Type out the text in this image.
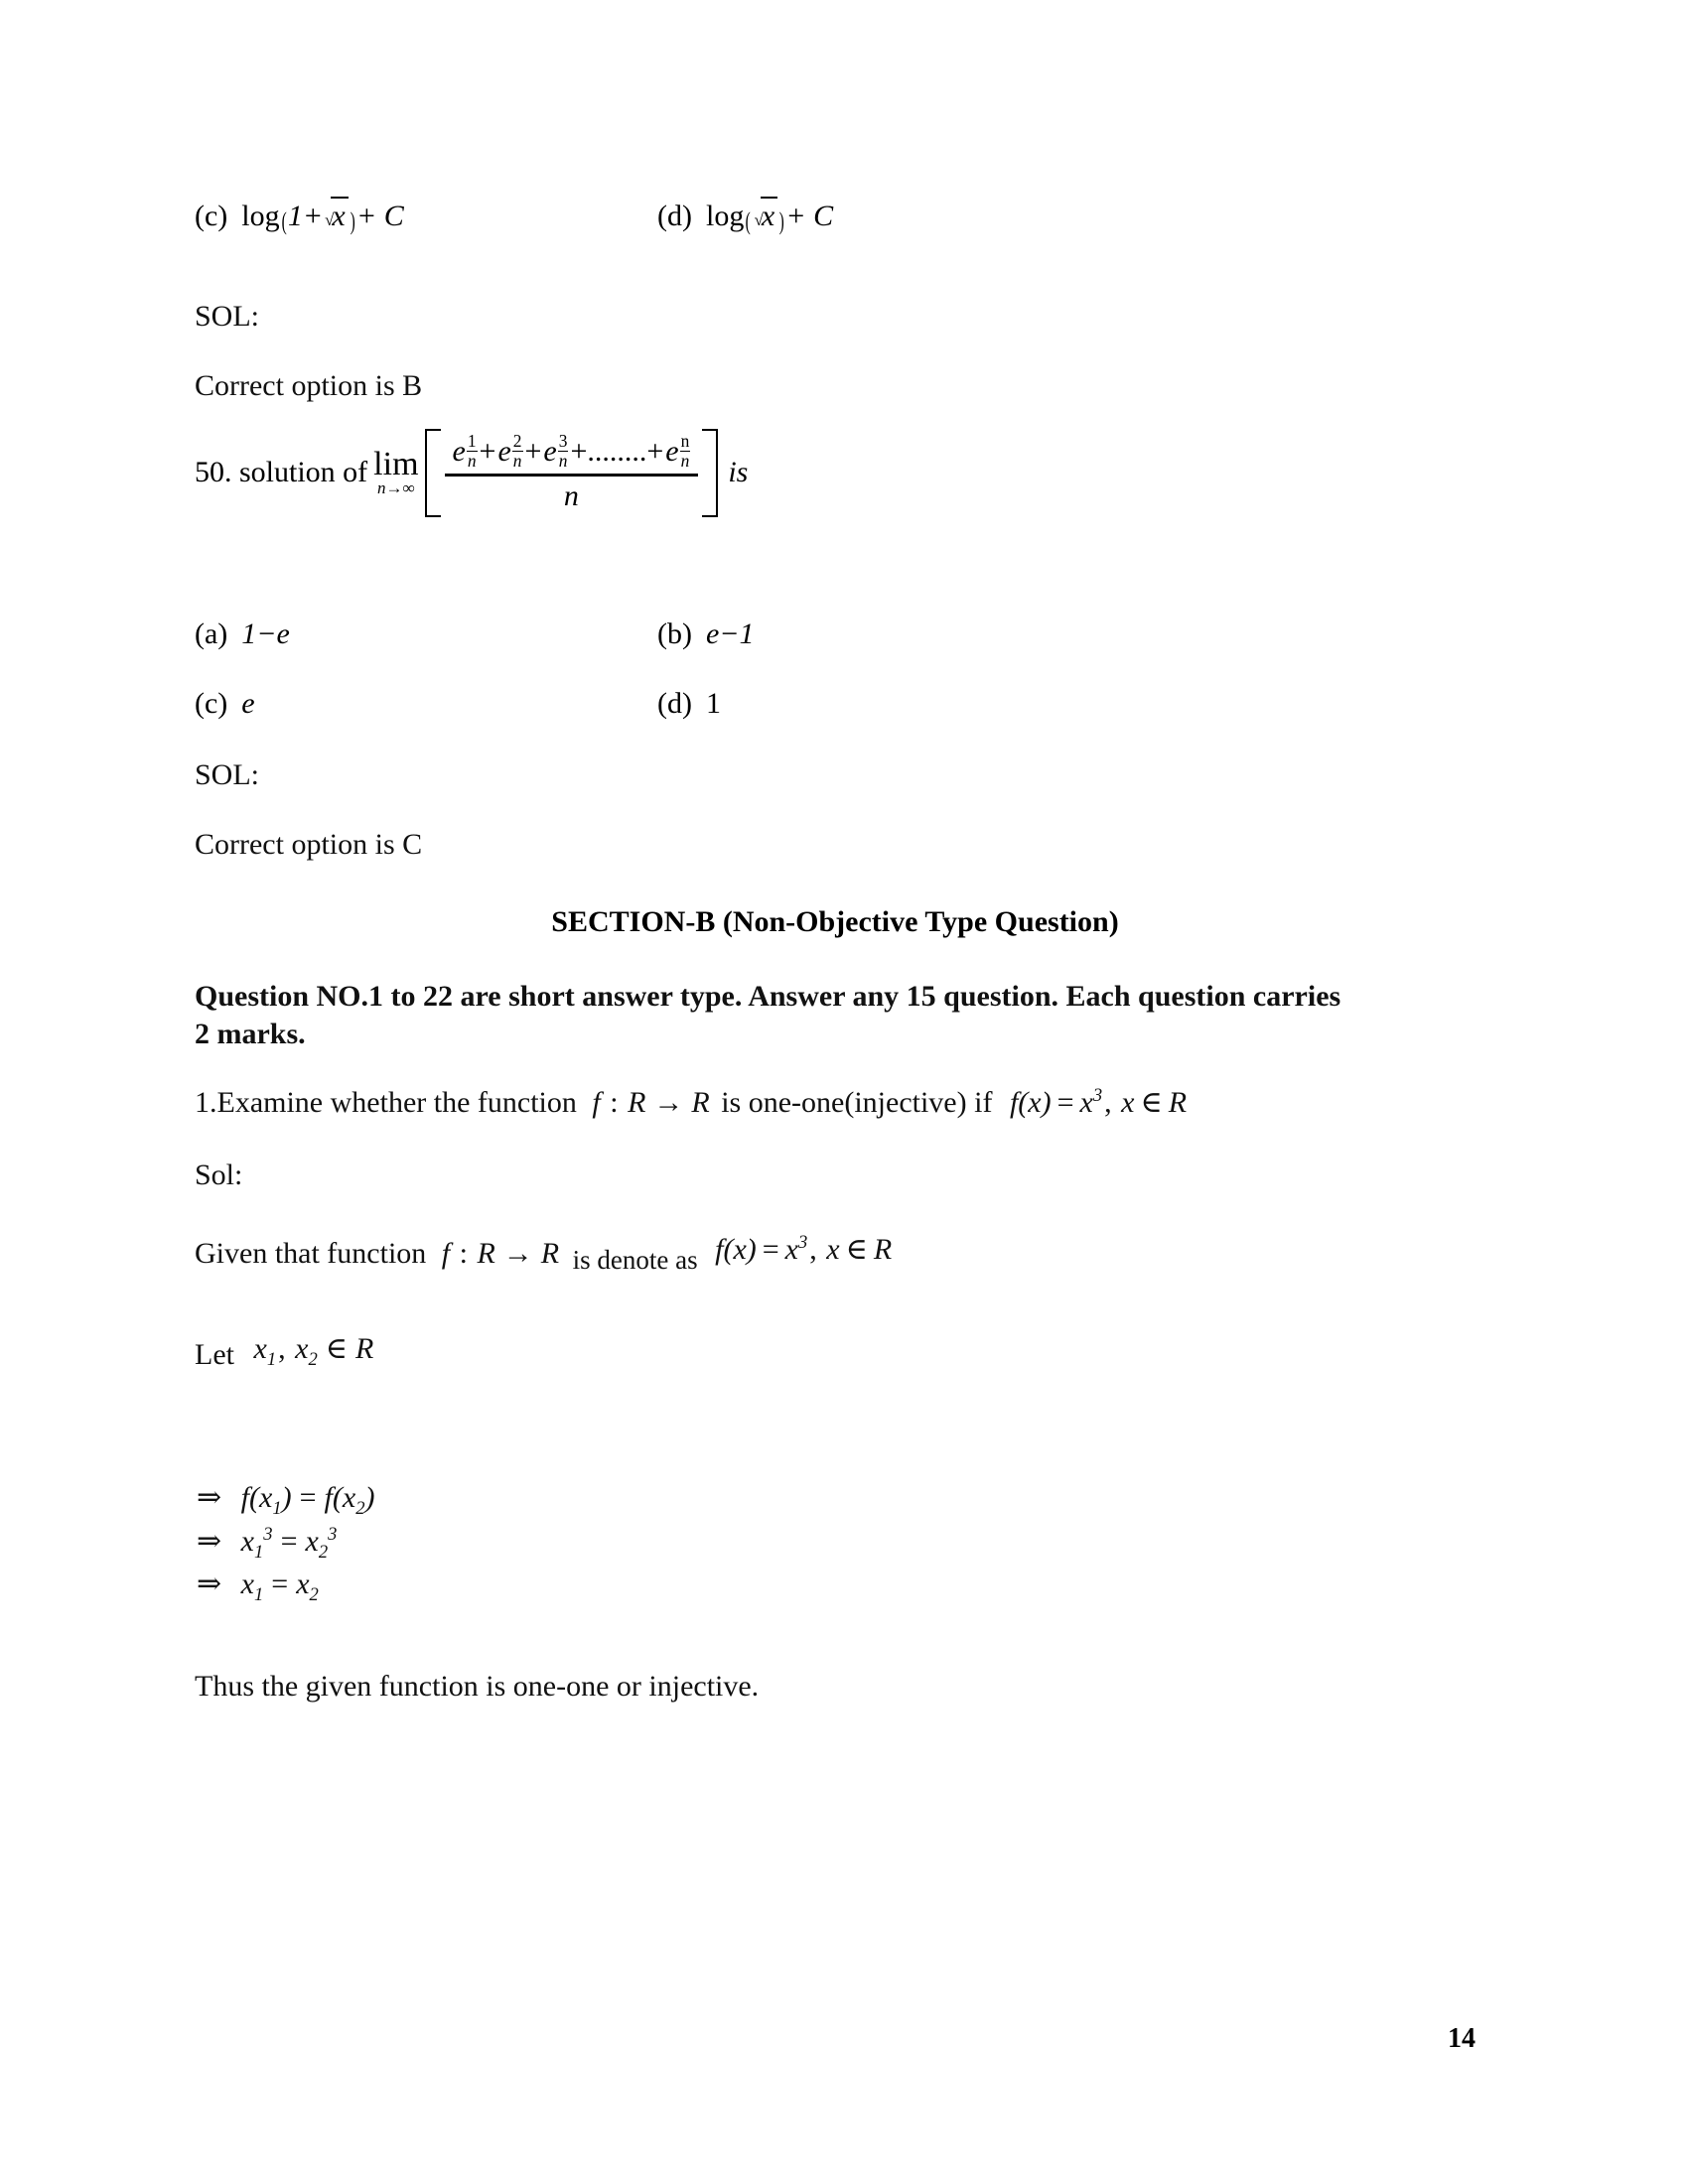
(c) log(1+ √x )+ C	(d) log( √x )+ C
SOL:
Correct option is B
50. solution of lim
$n\to\infty \frac{e \frac{1}{n} +e \frac{2}{n} +e \frac{3}{n} +........+e \frac{n}{n}}{n}$ is
(a) 1−e	(b) e−1
(c) e	(d) 1
SOL:
Correct option is C
SECTION-B (Non-Objective Type Question)
Question NO.1 to 22 are short answer type. Answer any 15 question. Each question carries
2 marks.
1.Examine whether the function f : R → R is one-one(injective) if $f(x) = x^3$, x ∈ R
Sol:
Given that function f : R → R is denote as $f(x) = x^3$, x ∈ R
Let $x_1$, $x_2$ ∈ R
⇒ $f(x_1) = f(x_2)$
⇒ $x_1^3 = x_2^3$
⇒ $x_1 = x_2$
Thus the given function is one-one or injective.
14
